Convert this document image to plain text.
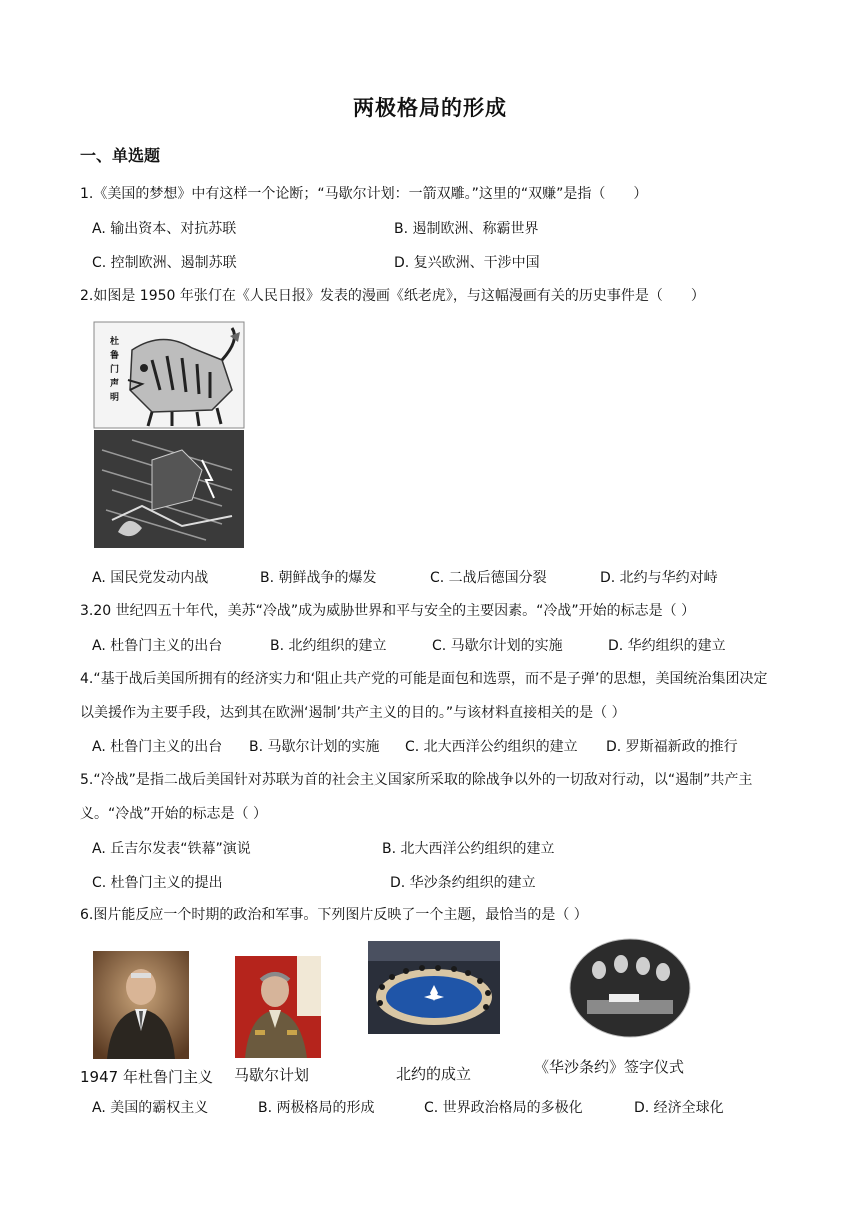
两极格局的形成
一、单选题
1.《美国的梦想》中有这样一个论断；“马歇尔计划：一箭双雕。”这里的“双赚”是指（　　）
A. 输出资本、对抗苏联	B. 遏制欧洲、称霸世界
C. 控制欧洲、遏制苏联	D. 复兴欧洲、干涉中国
2.如图是 1950 年张仃在《人民日报》发表的漫画《纸老虎》，与这幅漫画有关的历史事件是（　　）
杜
鲁
门
声
明
A. 国民党发动内战	B. 朝鲜战争的爆发	C. 二战后德国分裂	D. 北约与华约对峙
3.20 世纪四五十年代，美苏“冷战”成为威胁世界和平与安全的主要因素。“冷战”开始的标志是（ ）
A. 杜鲁门主义的出台	B. 北约组织的建立	C. 马歇尔计划的实施	D. 华约组织的建立
4.“基于战后美国所拥有的经济实力和‘阻止共产党的可能是面包和选票，而不是子弹’的思想，美国统治集团决定以美援作为主要手段，达到其在欧洲‘遏制’共产主义的目的。”与该材料直接相关的是（ ）
A. 杜鲁门主义的出台 B. 马歇尔计划的实施 C. 北大西洋公约组织的建立 D. 罗斯福新政的推行
5.“冷战”是指二战后美国针对苏联为首的社会主义国家所采取的除战争以外的一切敌对行动，以“遏制”共产主义。“冷战”开始的标志是（ ）
A. 丘吉尔发表“铁幕”演说	B. 北大西洋公约组织的建立
C. 杜鲁门主义的提出	D. 华沙条约组织的建立
6.图片能反应一个时期的政治和军事。下列图片反映了一个主题，最恰当的是（ ）
1947 年杜鲁门主义 马歇尔计划	北约的成立	《华沙条约》签字仪式
A. 美国的霸权主义	B. 两极格局的形成	C. 世界政治格局的多极化	D. 经济全球化
